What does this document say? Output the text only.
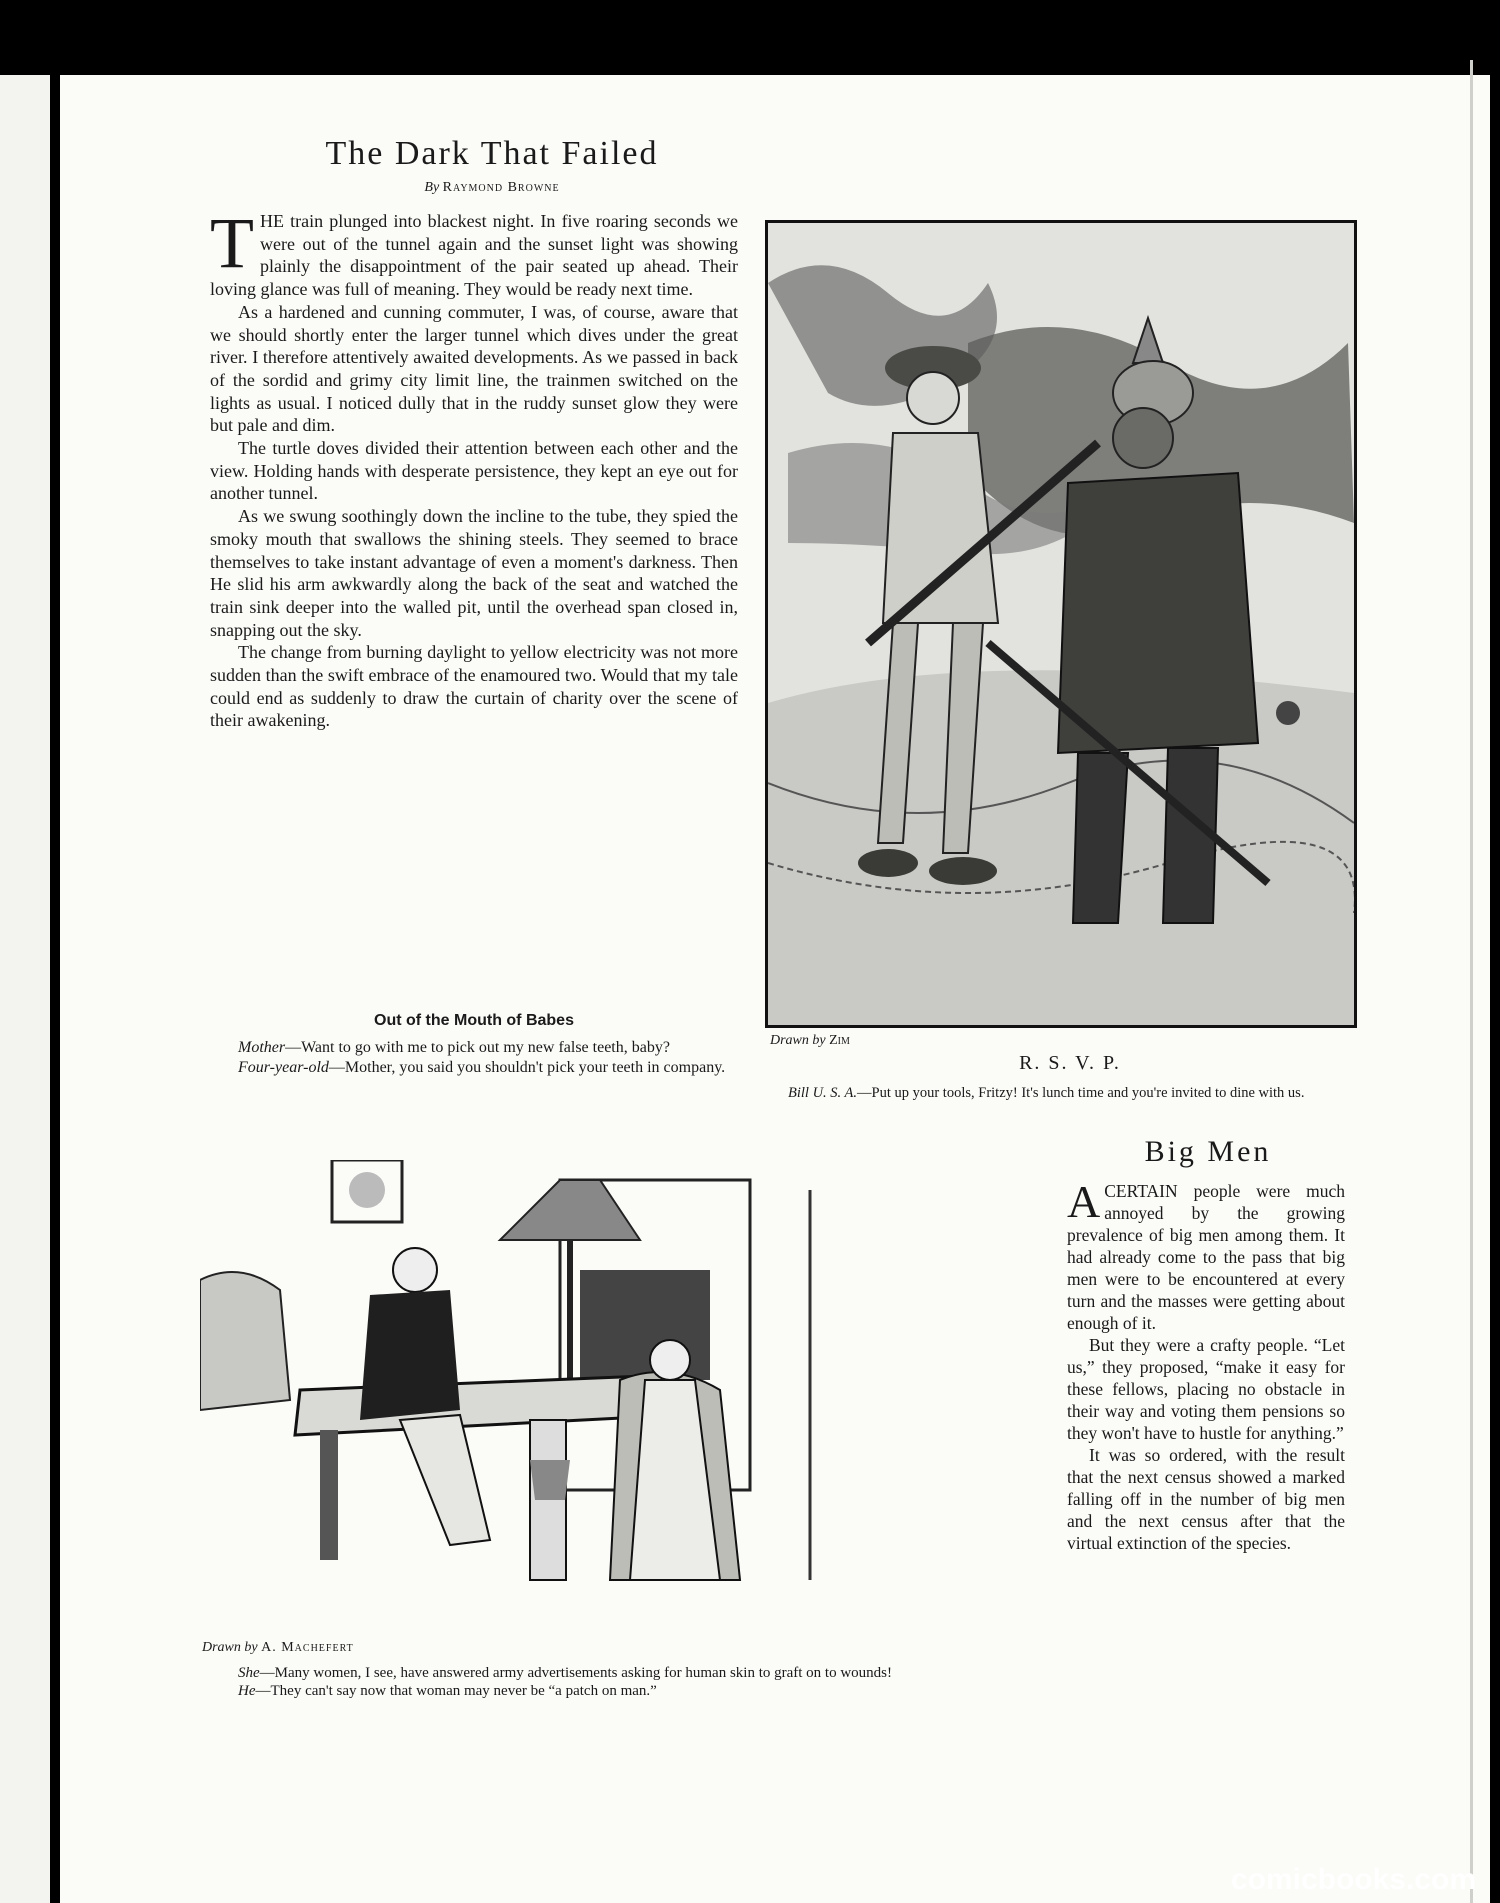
The Dark That Failed
By Raymond Browne

THE train plunged into blackest night. In five roaring seconds we were out of the tunnel again and the sunset light was showing plainly the disappointment of the pair seated up ahead. Their loving glance was full of meaning. They would be ready next time.

As a hardened and cunning commuter, I was, of course, aware that we should shortly enter the larger tunnel which dives under the great river. I therefore attentively awaited developments. As we passed in back of the sordid and grimy city limit line, the trainmen switched on the lights as usual. I noticed dully that in the ruddy sunset glow they were but pale and dim.

The turtle doves divided their attention between each other and the view. Holding hands with desperate persistence, they kept an eye out for another tunnel.

As we swung soothingly down the incline to the tube, they spied the smoky mouth that swallows the shining steels. They seemed to brace themselves to take instant advantage of even a moment's darkness. Then He slid his arm awkwardly along the back of the seat and watched the train sink deeper into the walled pit, until the overhead span closed in, snapping out the sky.

The change from burning daylight to yellow electricity was not more sudden than the swift embrace of the enamoured two. Would that my tale could end as suddenly to draw the curtain of charity over the scene of their awakening.

Out of the Mouth of Babes

Mother—Want to go with me to pick out my new false teeth, baby?

Four-year-old—Mother, you said you shouldn't pick your teeth in company.

Drawn by Zim
R. S. V. P.
Bill U. S. A.—Put up your tools, Fritzy! It's lunch time and you're invited to dine with us.
Drawn by A. Machefert

She—Many women, I see, have answered army advertisements asking for human skin to graft on to wounds!

He—They can't say now that woman may never be “a patch on man.”

Big Men

ACERTAIN people were much annoyed by the growing prevalence of big men among them. It had already come to the pass that big men were to be encountered at every turn and the masses were getting about enough of it.

But they were a crafty people. “Let us,” they proposed, “make it easy for these fellows, placing no obstacle in their way and voting them pensions so they won't have to hustle for anything.”

It was so ordered, with the result that the next census showed a marked falling off in the number of big men and the next census after that the virtual extinction of the species.

comicbooks.com
